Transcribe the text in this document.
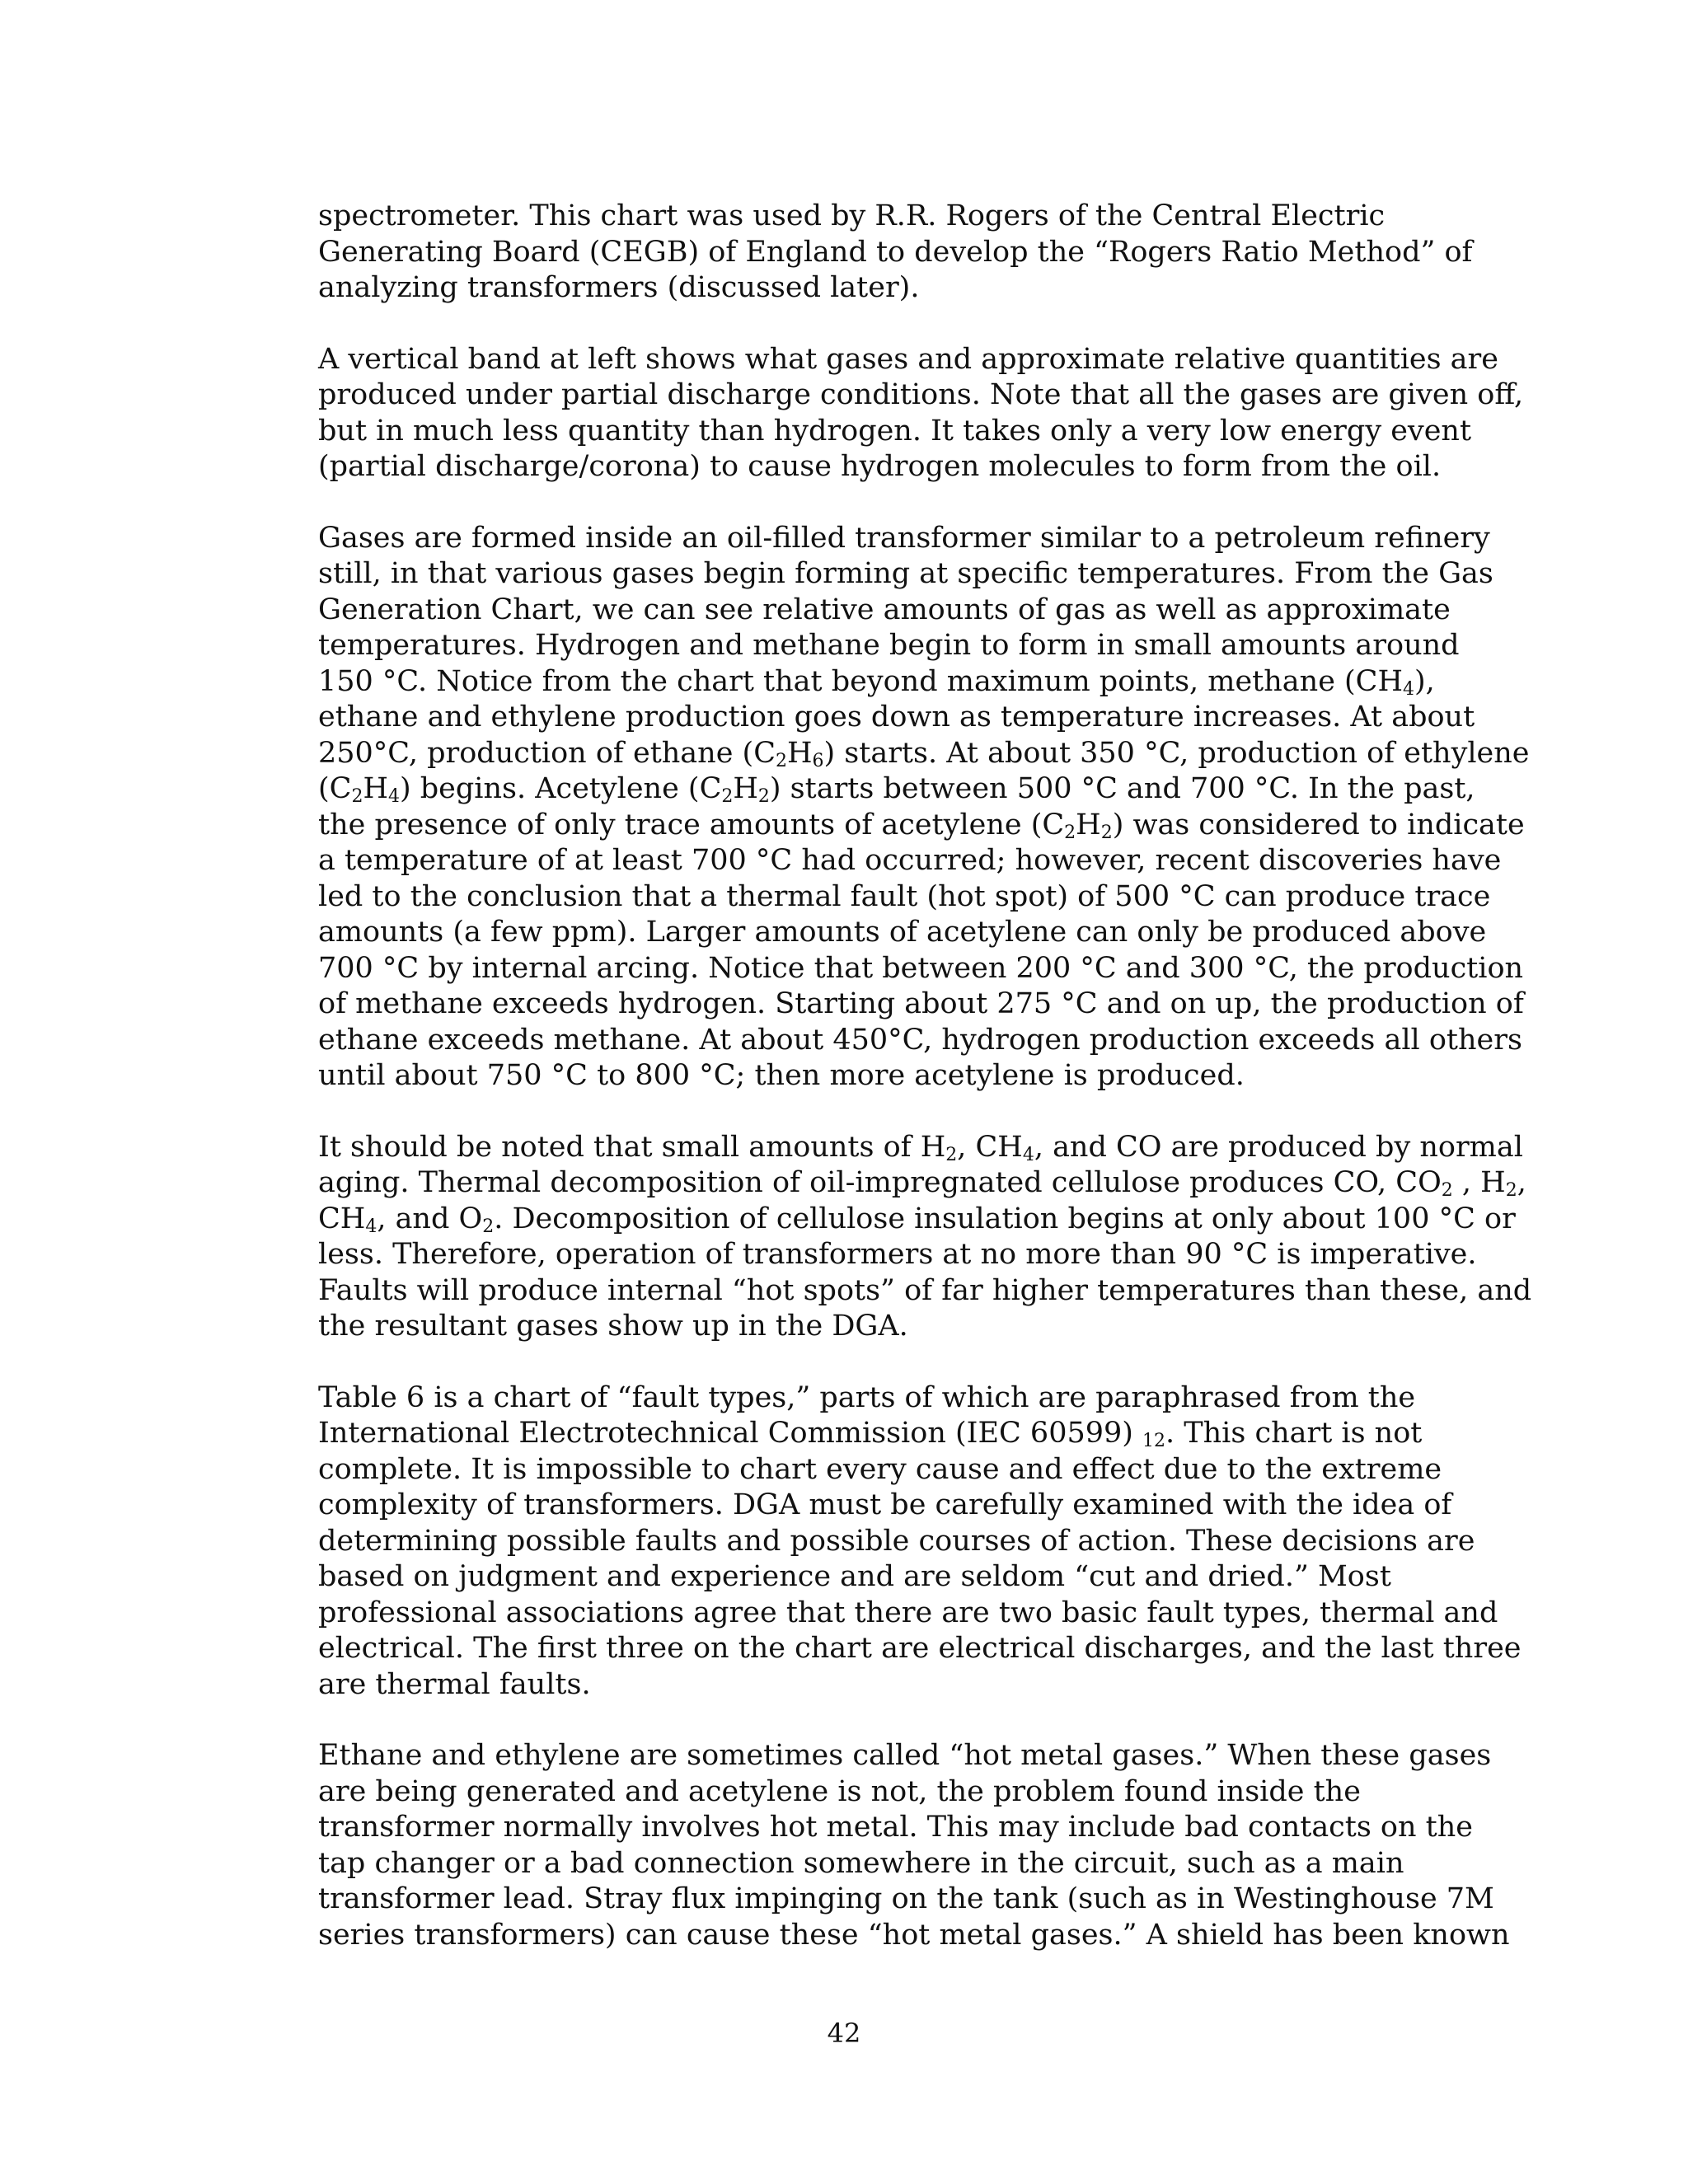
spectrometer. This chart was used by R.R. Rogers of the Central Electric
Generating Board (CEGB) of England to develop the “Rogers Ratio Method” of
analyzing transformers (discussed later).
A vertical band at left shows what gases and approximate relative quantities are
produced under partial discharge conditions. Note that all the gases are given off,
but in much less quantity than hydrogen. It takes only a very low energy event
(partial discharge/corona) to cause hydrogen molecules to form from the oil.
Gases are formed inside an oil-filled transformer similar to a petroleum refinery
still, in that various gases begin forming at specific temperatures. From the Gas
Generation Chart, we can see relative amounts of gas as well as approximate
temperatures. Hydrogen and methane begin to form in small amounts around
150 °C. Notice from the chart that beyond maximum points, methane $(CH_4)$,
ethane and ethylene production goes down as temperature increases. At about
250°C, production of ethane $(C_2H_6)$ starts. At about 350 °C, production of ethylene
$(C_2H_4)$ begins. Acetylene $(C_2H_2)$ starts between 500 °C and 700 °C. In the past,
the presence of only trace amounts of acetylene $(C_2H_2)$ was considered to indicate
a temperature of at least 700 °C had occurred; however, recent discoveries have
led to the conclusion that a thermal fault (hot spot) of 500 °C can produce trace
amounts (a few ppm). Larger amounts of acetylene can only be produced above
700 °C by internal arcing. Notice that between 200 °C and 300 °C, the production
of methane exceeds hydrogen. Starting about 275 °C and on up, the production of
ethane exceeds methane. At about 450°C, hydrogen production exceeds all others
until about 750 °C to 800 °C; then more acetylene is produced.
It should be noted that small amounts of $H_2$, $CH_4$, and CO are produced by normal
aging. Thermal decomposition of oil-impregnated cellulose produces CO, $CO_2$ , $H_2$,
$CH_4$, and $O_2$. Decomposition of cellulose insulation begins at only about 100 °C or
less. Therefore, operation of transformers at no more than 90 °C is imperative.
Faults will produce internal “hot spots” of far higher temperatures than these, and
the resultant gases show up in the DGA.
Table 6 is a chart of “fault types,” parts of which are paraphrased from the
International Electrotechnical Commission (IEC 60599) $_{12}$. This chart is not
complete. It is impossible to chart every cause and effect due to the extreme
complexity of transformers. DGA must be carefully examined with the idea of
determining possible faults and possible courses of action. These decisions are
based on judgment and experience and are seldom “cut and dried.” Most
professional associations agree that there are two basic fault types, thermal and
electrical. The first three on the chart are electrical discharges, and the last three
are thermal faults.
Ethane and ethylene are sometimes called “hot metal gases.” When these gases
are being generated and acetylene is not, the problem found inside the
transformer normally involves hot metal. This may include bad contacts on the
tap changer or a bad connection somewhere in the circuit, such as a main
transformer lead. Stray flux impinging on the tank (such as in Westinghouse 7M
series transformers) can cause these “hot metal gases.” A shield has been known
42
